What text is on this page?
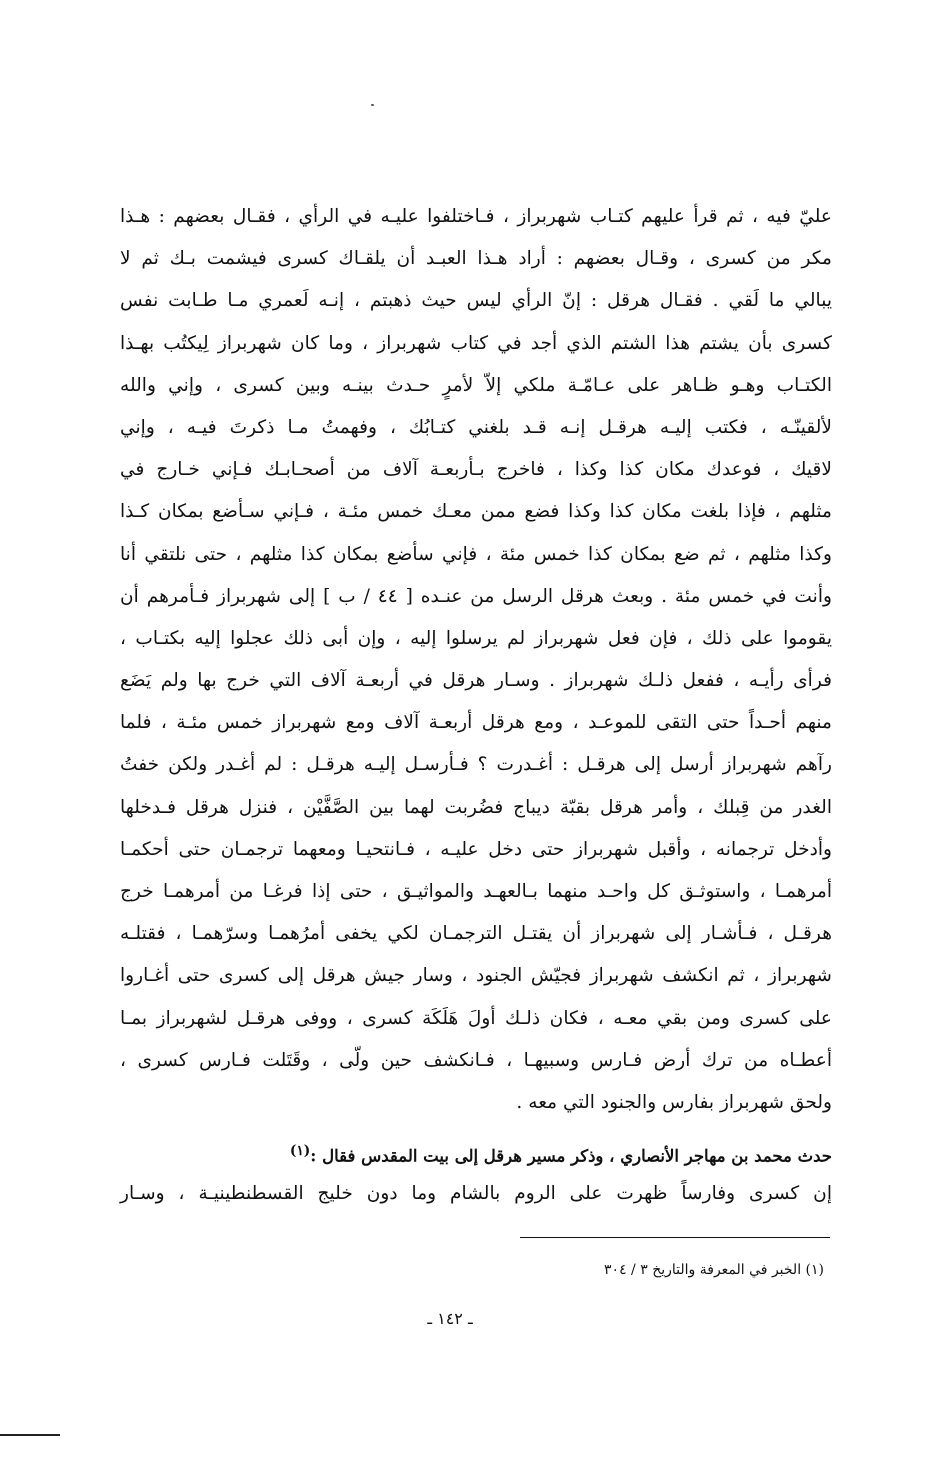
عليّ فيه ، ثم قرأ عليهم كتـاب شهربراز ، فـاختلفوا عليـه في الرأي ، فقـال بعضهم : هـذا
مكر من كسرى ، وقـال بعضهم : أراد هـذا العبـد أن يلقـاك كسرى فيشمت بـك ثم لا
يبالي ما لَقي . فقـال هرقل : إنّ الرأي ليس حيث ذهبتم ، إنـه لَعمري مـا طـابت نفس
كسرى بأن يشتم هذا الشتم الذي أجد في كتاب شهربراز ، وما كان شهربراز لِيكتُب بهـذا
الكتـاب وهـو ظـاهر على عـامّـة ملكي إلاّ لأمرٍ حـدث بينـه وبين كسرى ، وإني والله
لألقينّـه ، فكتب إليـه هرقـل إنـه قـد بلغني كتـابُك ، وفهمتُ مـا ذكرتَ فيـه ، وإني
لاقيك ، فوعدك مكان كذا وكذا ، فاخرج بـأربعـة آلاف من أصحـابـك فـإني خـارج في
مثلهم ، فإذا بلغت مكان كذا وكذا فضع ممن معـك خمس مئـة ، فـإني سـأضع بمكان كـذا
وكذا مثلهم ، ثم ضع بمكان كذا خمس مئة ، فإني سأضع بمكان كذا مثلهم ، حتى نلتقي أنا
وأنت في خمس مئة . وبعث هرقل الرسل من عنـده [ ٤٤ / ب ] إلى شهربراز فـأمرهم أن
يقوموا على ذلك ، فإن فعل شهربراز لم يرسلوا إليه ، وإن أبى ذلك عجلوا إليه بكتـاب ،
فرأى رأيـه ، ففعل ذلـك شهربراز . وسـار هرقل في أربعـة آلاف التي خرج بها ولم يَضَع
منهم أحـداً حتى التقى للموعـد ، ومع هرقل أربعـة آلاف ومع شهربراز خمس مئـة ، فلما
رآهم شهربراز أرسل إلى هرقـل : أغـدرت ؟ فـأرسـل إليـه هرقـل : لم أغـدر ولكن خفتُ
الغدر من قِبلك ، وأمر هرقل بقبّة ديباج فضُربت لهما بين الصَّفَّيْن ، فنزل هرقل فـدخلها
وأدخل ترجمانه ، وأقبل شهربراز حتى دخل عليـه ، فـانتحيـا ومعهما ترجمـان حتى أحكمـا
أمرهمـا ، واستوثـق كل واحـد منهما بـالعهـد والمواثيـق ، حتى إذا فرغـا من أمرهمـا خرج
هرقـل ، فـأشـار إلى شهربراز أن يقتـل الترجمـان لكي يخفى أمرُهمـا وسرّهمـا ، فقتلـه
شهربراز ، ثم انكشف شهربراز فجيّش الجنود ، وسار جيش هرقل إلى كسرى حتى أغـاروا
على كسرى ومن بقي معـه ، فكان ذلـك أولَ هَلَكَة كسرى ، ووفى هرقـل لشهربراز بمـا
أعطـاه من ترك أرض فـارس وسبيهـا ، فـانكشف حين ولّى ، وقَتَلت فـارس كسرى ،
ولحق شهربراز بفارس والجنود التي معه .
حدث محمد بن مهاجر الأنصاري ، وذكر مسير هرقل إلى بيت المقدس فقال :$^{(١)}$
إن كسرى وفارساً ظهرت على الروم بالشام وما دون خليج القسطنطينيـة ، وسـار
(١) الخبر في المعرفة والتاريخ ٣ / ٣٠٤
ـ ١٤٢ ـ
